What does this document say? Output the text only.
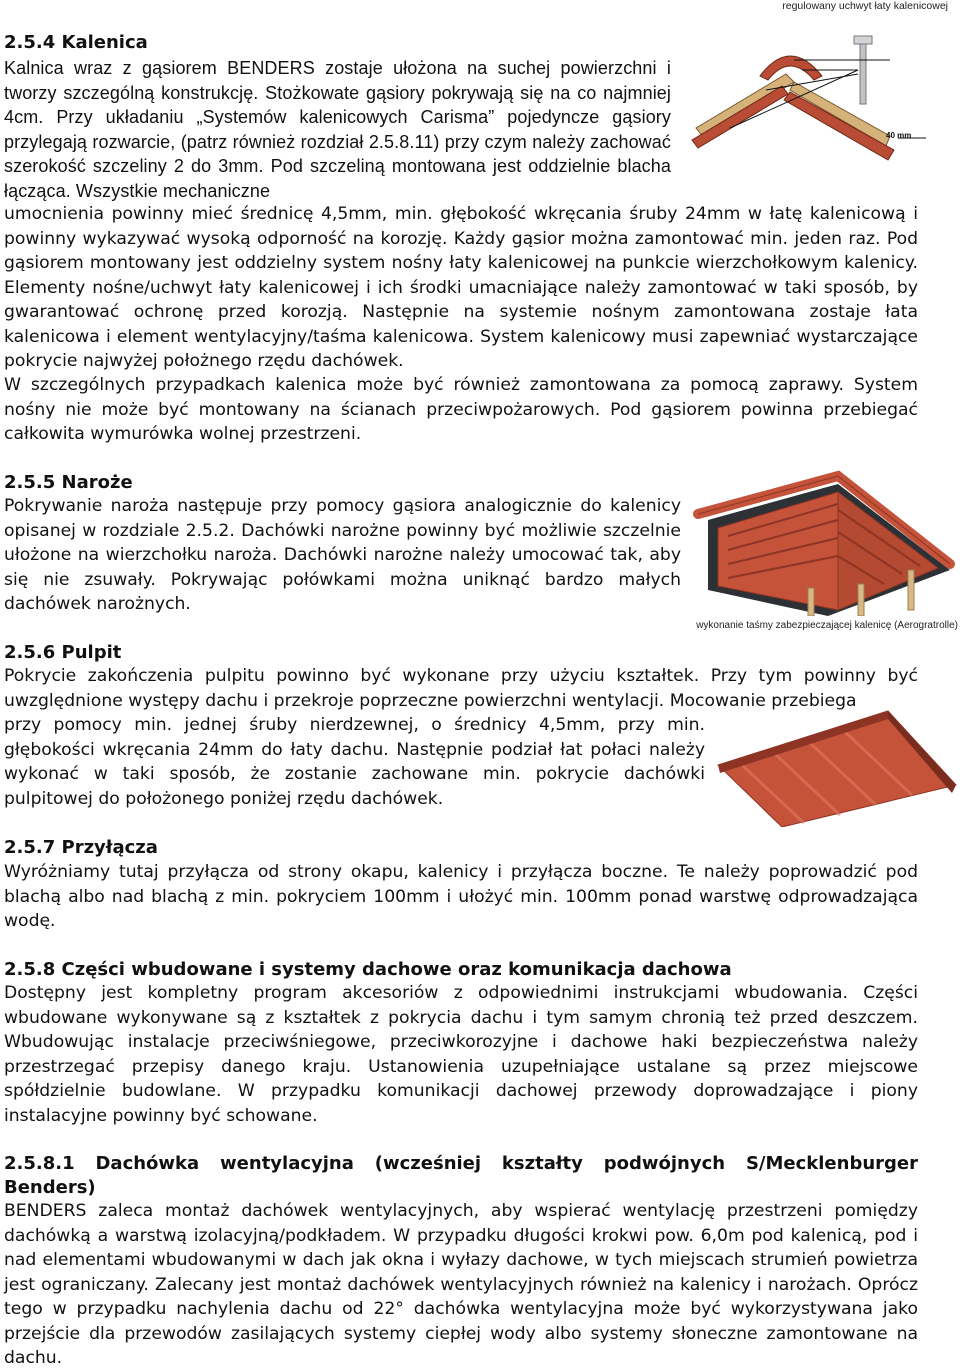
regulowany uchwyt łaty kalenicowej
2.5.4 Kalenica
Kalnica wraz z gąsiorem BENDERS zostaje ułożona na suchej powierzchni i tworzy szczególną konstrukcję. Stożkowate gąsiory pokrywają się na co najmniej 4cm. Przy układaniu „Systemów kalenicowych Carisma” pojedyncze gąsiory przylegają rozwarcie, (patrz również rozdział 2.5.8.11) przy czym należy zachować szerokość szczeliny 2 do 3mm. Pod szczeliną montowana jest oddzielnie blacha łącząca. Wszystkie mechaniczne
umocnienia powinny mieć średnicę 4,5mm, min. głębokość wkręcania śruby 24mm w łatę kalenicową i powinny wykazywać wysoką odporność na korozję. Każdy gąsior można zamontować min. jeden raz. Pod gąsiorem montowany jest oddzielny system nośny łaty kalenicowej na punkcie wierzchołkowym kalenicy. Elementy nośne/uchwyt łaty kalenicowej i ich środki umacniające należy zamontować w taki sposób, by gwarantować ochronę przed korozją. Następnie na systemie nośnym zamontowana zostaje łata kalenicowa i element wentylacyjny/taśma kalenicowa. System kalenicowy musi zapewniać wystarczające pokrycie najwyżej położnego rzędu dachówek.
W szczególnych przypadkach kalenica może być również zamontowana za pomocą zaprawy. System nośny nie może być montowany na ścianach przeciwpożarowych. Pod gąsiorem powinna przebiegać całkowita wymurówka wolnej przestrzeni.
40 mm
2.5.5 Naroże
Pokrywanie naroża następuje przy pomocy gąsiora analogicznie do kalenicy opisanej w rozdziale 2.5.2. Dachówki narożne powinny być możliwie szczelnie ułożone na wierzchołku naroża. Dachówki narożne należy umocować tak, aby się nie zsuwały. Pokrywając połówkami można uniknąć bardzo małych dachówek narożnych.
wykonanie taśmy zabezpieczającej kalenicę (Aerogratrolle)
2.5.6 Pulpit
Pokrycie zakończenia pulpitu powinno być wykonane przy użyciu kształtek. Przy tym powinny być uwzględnione występy dachu i przekroje poprzeczne powierzchni wentylacji. Mocowanie przebiega
przy pomocy min. jednej śruby nierdzewnej, o średnicy 4,5mm, przy min. głębokości wkręcania 24mm do łaty dachu. Następnie podział łat połaci należy wykonać w taki sposób, że zostanie zachowane min. pokrycie dachówki pulpitowej do położonego poniżej rzędu dachówek.
2.5.7 Przyłącza
Wyróżniamy tutaj przyłącza od strony okapu, kalenicy i przyłącza boczne. Te należy poprowadzić pod blachą albo nad blachą z min. pokryciem 100mm i ułożyć min. 100mm ponad warstwę odprowadzająca wodę.
2.5.8 Części wbudowane i systemy dachowe oraz komunikacja dachowa
Dostępny jest kompletny program akcesoriów z odpowiednimi instrukcjami wbudowania. Części wbudowane wykonywane są z kształtek z pokrycia dachu i tym samym chronią też przed deszczem. Wbudowując instalacje przeciwśniegowe, przeciwkorozyjne i dachowe haki bezpieczeństwa należy przestrzegać przepisy danego kraju. Ustanowienia uzupełniające ustalane są przez miejscowe spółdzielnie budowlane. W przypadku komunikacji dachowej przewody doprowadzające i piony instalacyjne powinny być schowane.
2.5.8.1 Dachówka wentylacyjna (wcześniej kształty podwójnych S/Mecklenburger Benders)
BENDERS zaleca montaż dachówek wentylacyjnych, aby wspierać wentylację przestrzeni pomiędzy dachówką a warstwą izolacyjną/podkładem. W przypadku długości krokwi pow. 6,0m pod kalenicą, pod i nad elementami wbudowanymi w dach jak okna i wyłazy dachowe, w tych miejscach strumień powietrza jest ograniczany. Zalecany jest montaż dachówek wentylacyjnych również na kalenicy i narożach. Oprócz tego w przypadku nachylenia dachu od 22° dachówka wentylacyjna może być wykorzystywana jako przejście dla przewodów zasilających systemy ciepłej wody albo systemy słoneczne zamontowane na dachu.
